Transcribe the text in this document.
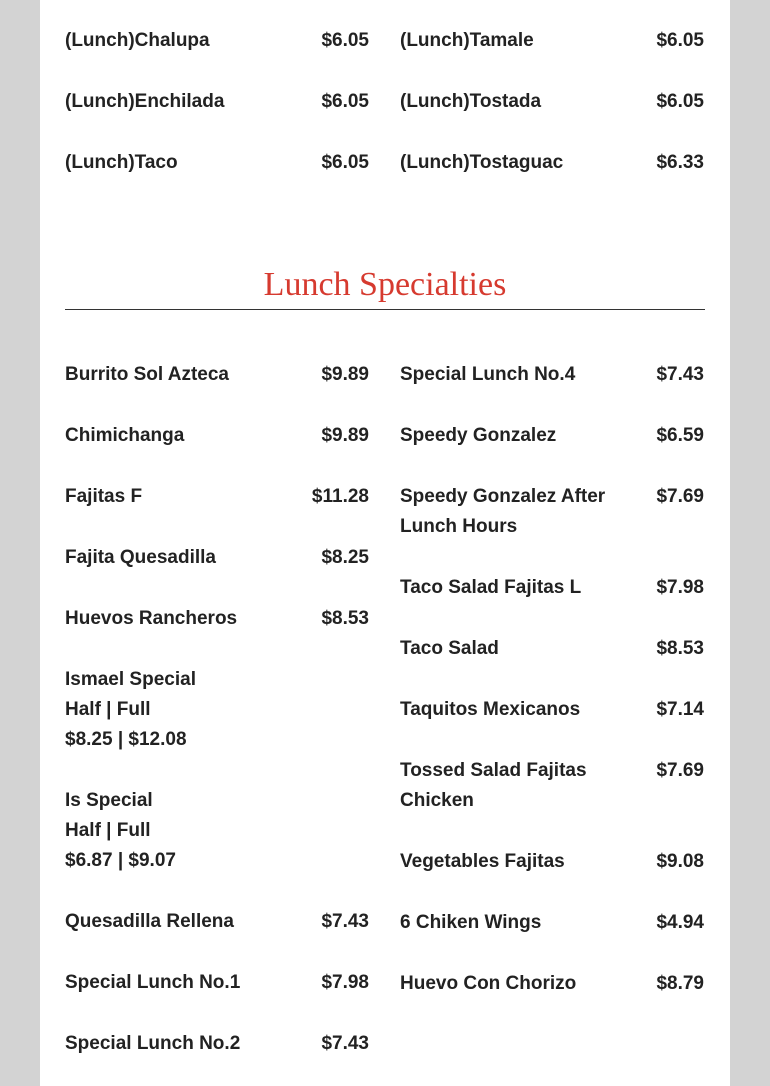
(Lunch)Chalupa	$6.05
(Lunch)Enchilada	$6.05
(Lunch)Taco	$6.05
(Lunch)Tamale	$6.05
(Lunch)Tostada	$6.05
(Lunch)Tostaguac	$6.33
Lunch Specialties
Burrito Sol Azteca	$9.89
Chimichanga	$9.89
Fajitas F	$11.28
Fajita Quesadilla	$8.25
Huevos Rancheros	$8.53
Ismael Special
Half | Full
$8.25 | $12.08
Is Special
Half | Full
$6.87 | $9.07
Quesadilla Rellena	$7.43
Special Lunch No.1	$7.98
Special Lunch No.2	$7.43
Special Lunch No.4	$7.43
Speedy Gonzalez	$6.59
Speedy Gonzalez After Lunch Hours
$7.69
Taco Salad Fajitas L	$7.98
Taco Salad	$8.53
Taquitos Mexicanos	$7.14
Tossed Salad Fajitas Chicken
$7.69
Vegetables Fajitas	$9.08
6 Chiken Wings	$4.94
Huevo Con Chorizo	$8.79
